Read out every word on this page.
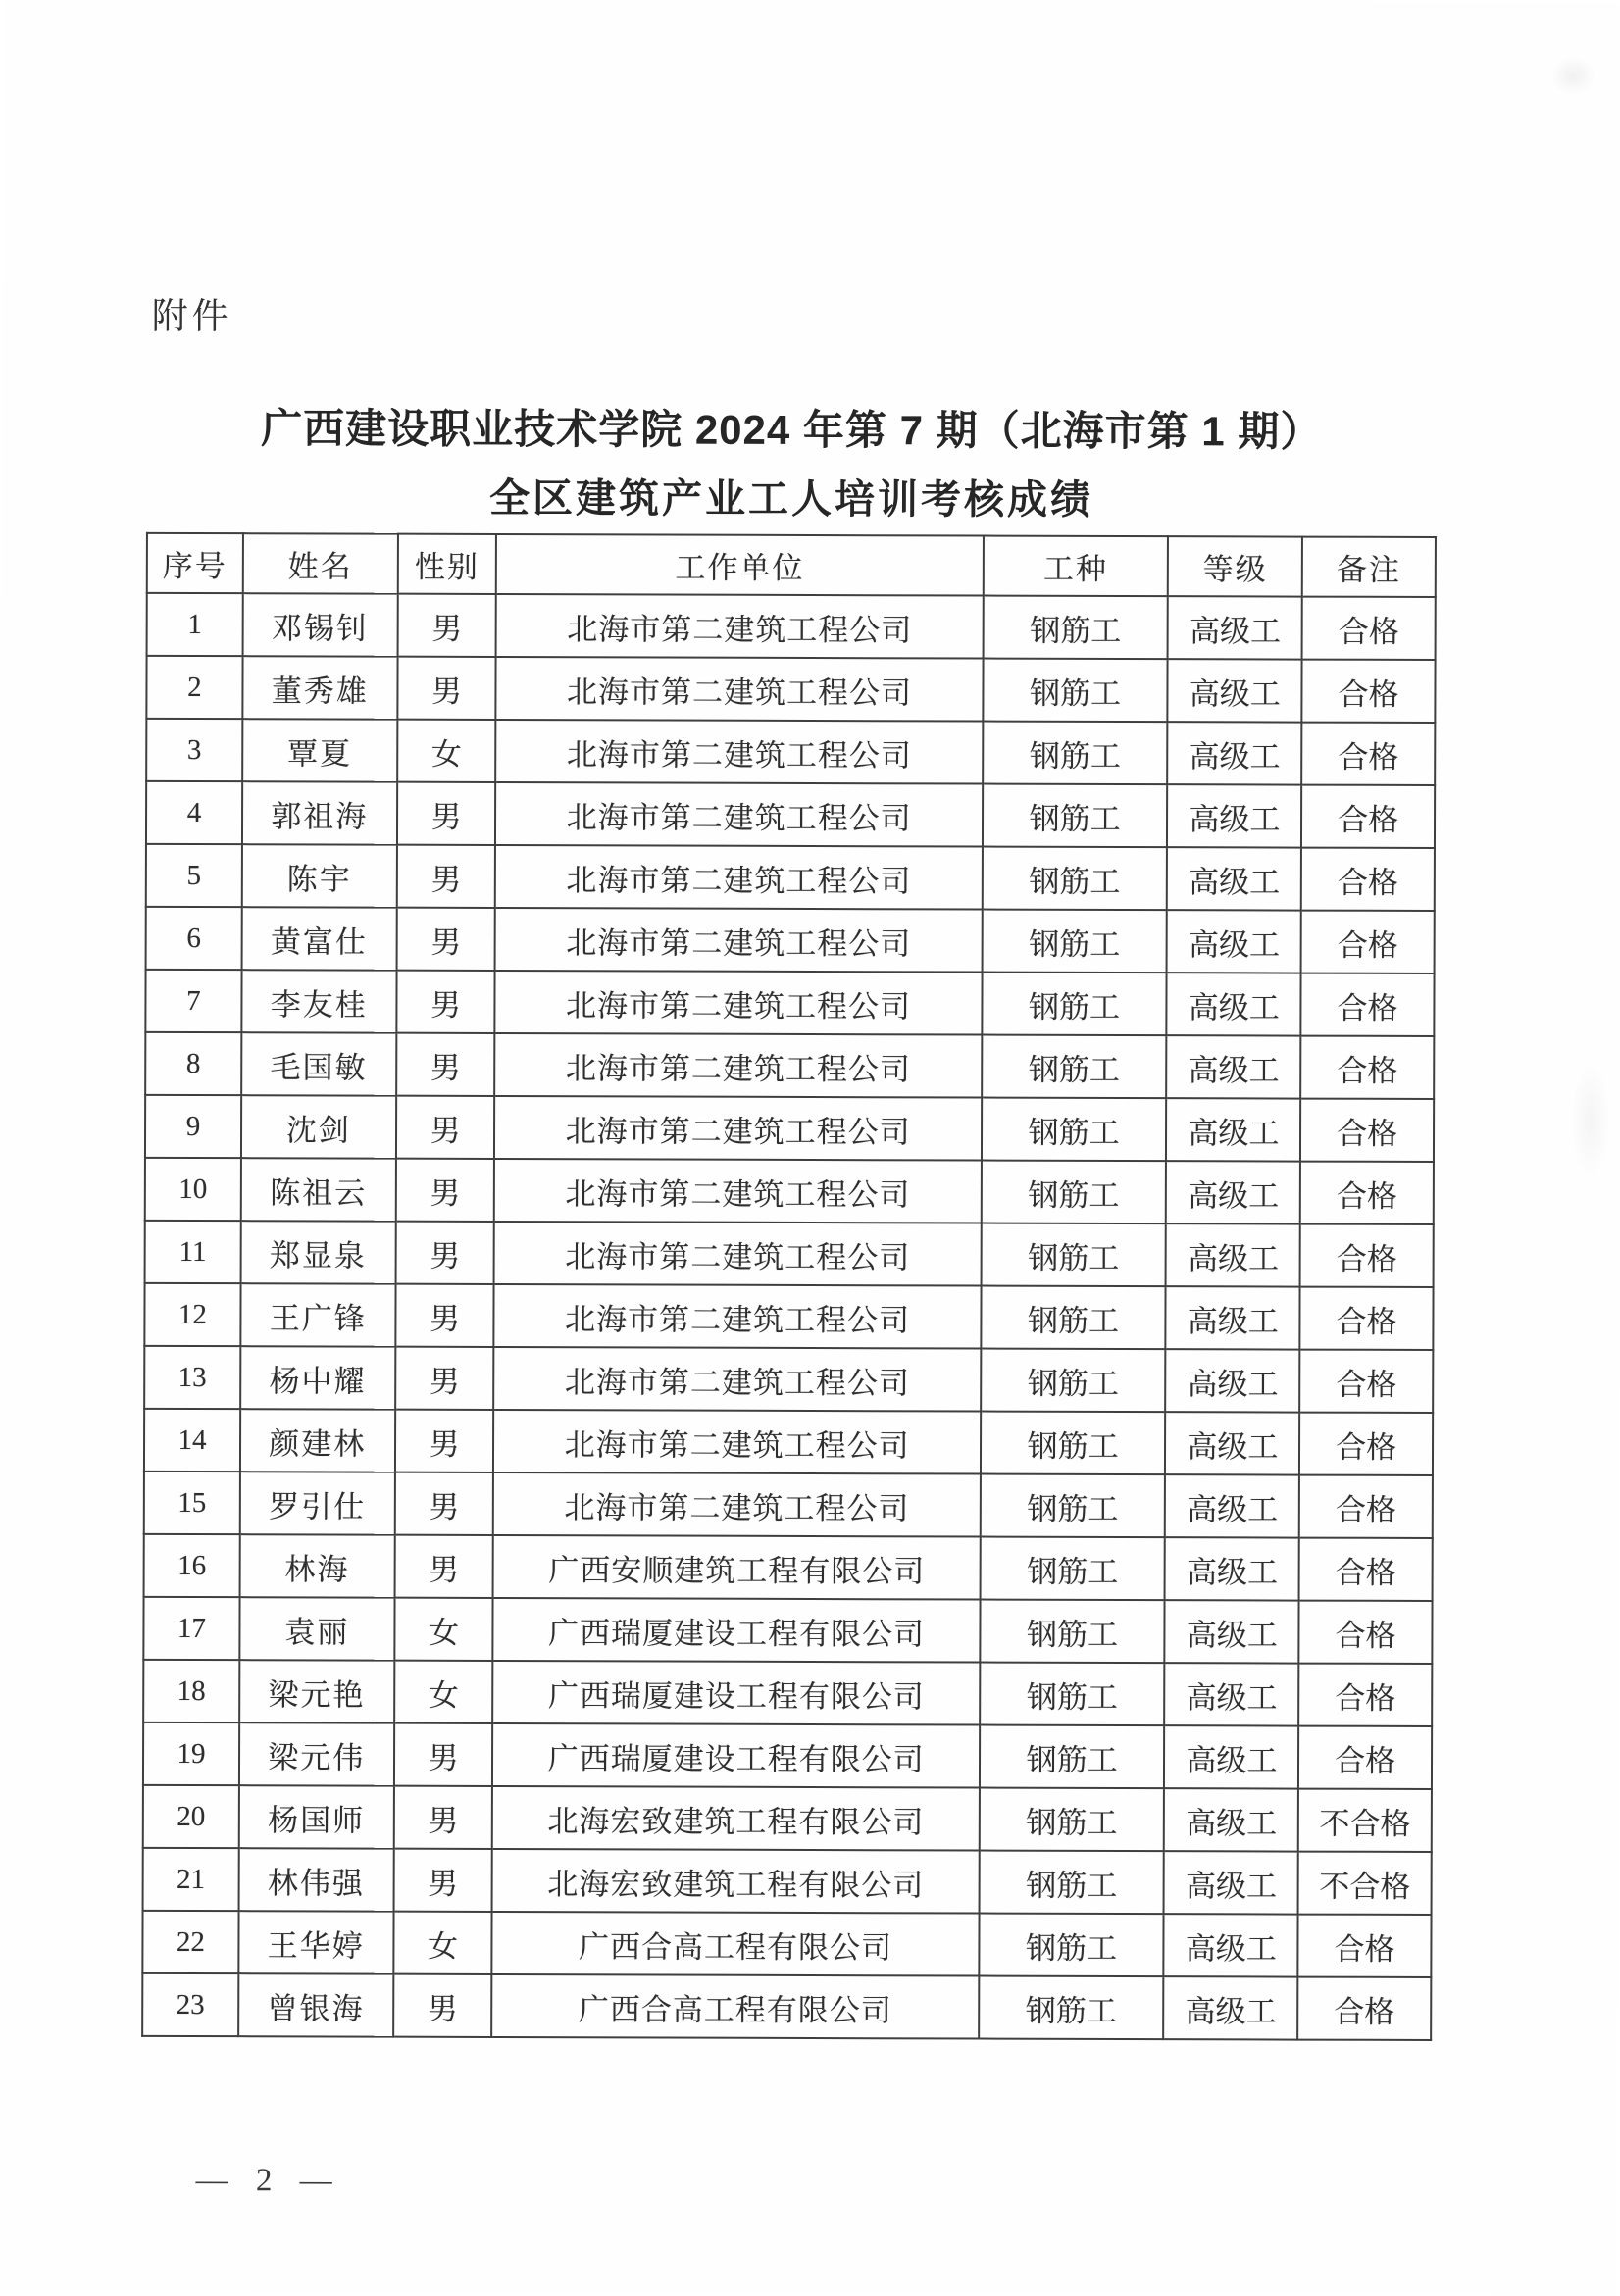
附件
广西建设职业技术学院 2024 年第 7 期（北海市第 1 期）
全区建筑产业工人培训考核成绩
序号	姓名	性别	工作单位	工种	等级	备注
1	邓锡钊	男	北海市第二建筑工程公司	钢筋工	高级工	合格
2	董秀雄	男	北海市第二建筑工程公司	钢筋工	高级工	合格
3	覃夏	女	北海市第二建筑工程公司	钢筋工	高级工	合格
4	郭祖海	男	北海市第二建筑工程公司	钢筋工	高级工	合格
5	陈宇	男	北海市第二建筑工程公司	钢筋工	高级工	合格
6	黄富仕	男	北海市第二建筑工程公司	钢筋工	高级工	合格
7	李友桂	男	北海市第二建筑工程公司	钢筋工	高级工	合格
8	毛国敏	男	北海市第二建筑工程公司	钢筋工	高级工	合格
9	沈剑	男	北海市第二建筑工程公司	钢筋工	高级工	合格
10	陈祖云	男	北海市第二建筑工程公司	钢筋工	高级工	合格
11	郑显泉	男	北海市第二建筑工程公司	钢筋工	高级工	合格
12	王广锋	男	北海市第二建筑工程公司	钢筋工	高级工	合格
13	杨中耀	男	北海市第二建筑工程公司	钢筋工	高级工	合格
14	颜建林	男	北海市第二建筑工程公司	钢筋工	高级工	合格
15	罗引仕	男	北海市第二建筑工程公司	钢筋工	高级工	合格
16	林海	男	广西安顺建筑工程有限公司	钢筋工	高级工	合格
17	袁丽	女	广西瑞厦建设工程有限公司	钢筋工	高级工	合格
18	梁元艳	女	广西瑞厦建设工程有限公司	钢筋工	高级工	合格
19	梁元伟	男	广西瑞厦建设工程有限公司	钢筋工	高级工	合格
20	杨国师	男	北海宏致建筑工程有限公司	钢筋工	高级工	不合格
21	林伟强	男	北海宏致建筑工程有限公司	钢筋工	高级工	不合格
22	王华婷	女	广西合高工程有限公司	钢筋工	高级工	合格
23	曾银海	男	广西合高工程有限公司	钢筋工	高级工	合格
— 2 —
